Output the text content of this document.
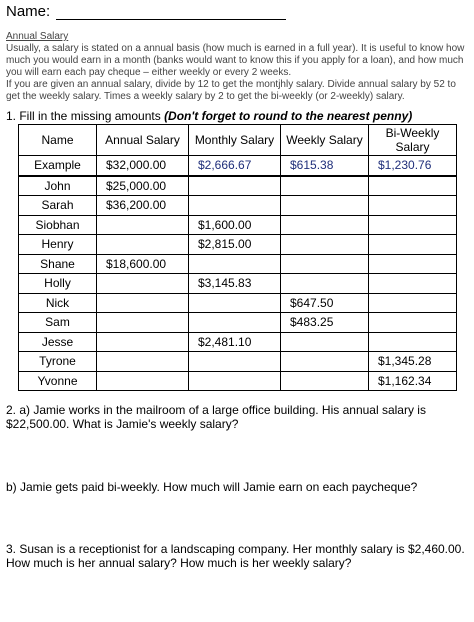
Name:
Annual Salary
Usually, a salary is stated on a annual basis (how much is earned in a full year). It is useful to know how much you would earn in a month (banks would want to know this if you apply for a loan), and how much you will earn each pay cheque – either weekly or every 2 weeks.
If you are given an annual salary, divide by 12 to get the montjhly salary. Divide annual salary by 52 to get the weekly salary. Times a weekly salary by 2 to get the bi-weekly (or 2-weekly) salary.
1. Fill in the missing amounts (Don't forget to round to the nearest penny)
Name	Annual Salary	Monthly Salary	Weekly Salary	Bi-Weekly Salary
Example	$32,000.00	$2,666.67	$615.38	$1,230.76
John	$25,000.00			
Sarah	$36,200.00			
Siobhan		$1,600.00		
Henry		$2,815.00		
Shane	$18,600.00			
Holly		$3,145.83		
Nick			$647.50	
Sam			$483.25	
Jesse		$2,481.10		
Tyrone				$1,345.28
Yvonne				$1,162.34
2. a) Jamie works in the mailroom of a large office building. His annual salary is $22,500.00. What is Jamie's weekly salary?
b) Jamie gets paid bi-weekly. How much will Jamie earn on each paycheque?
3. Susan is a receptionist for a landscaping company. Her monthly salary is $2,460.00. How much is her annual salary? How much is her weekly salary?
